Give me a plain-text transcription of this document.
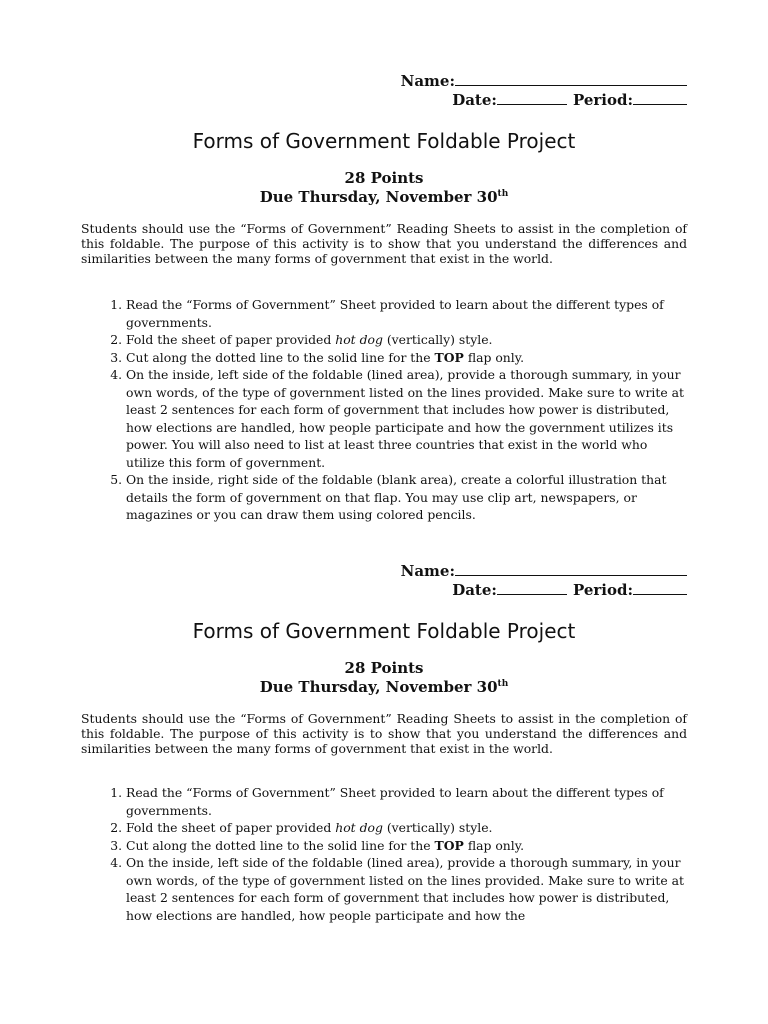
Name:
Date:	Period:
Forms of Government Foldable Project
28 Points
Due Thursday, November 30th
Students should use the “Forms of Government” Reading Sheets to assist in the completion of this foldable. The purpose of this activity is to show that you understand the differences and similarities between the many forms of government that exist in the world.
1. Read the “Forms of Government” Sheet provided to learn about the different types of governments.
2. Fold the sheet of paper provided hot dog (vertically) style.
3. Cut along the dotted line to the solid line for the TOP flap only.
4. On the inside, left side of the foldable (lined area), provide a thorough summary, in your own words, of the type of government listed on the lines provided. Make sure to write at least 2 sentences for each form of government that includes how power is distributed, how elections are handled, how people participate and how the government utilizes its power. You will also need to list at least three countries that exist in the world who utilize this form of government.
5. On the inside, right side of the foldable (blank area), create a colorful illustration that details the form of government on that flap. You may use clip art, newspapers, or magazines or you can draw them using colored pencils.
Name:
Date:	Period:
Forms of Government Foldable Project
28 Points
Due Thursday, November 30th
Students should use the “Forms of Government” Reading Sheets to assist in the completion of this foldable. The purpose of this activity is to show that you understand the differences and similarities between the many forms of government that exist in the world.
1. Read the “Forms of Government” Sheet provided to learn about the different types of governments.
2. Fold the sheet of paper provided hot dog (vertically) style.
3. Cut along the dotted line to the solid line for the TOP flap only.
4. On the inside, left side of the foldable (lined area), provide a thorough summary, in your own words, of the type of government listed on the lines provided. Make sure to write at least 2 sentences for each form of government that includes how power is distributed, how elections are handled, how people participate and how the
